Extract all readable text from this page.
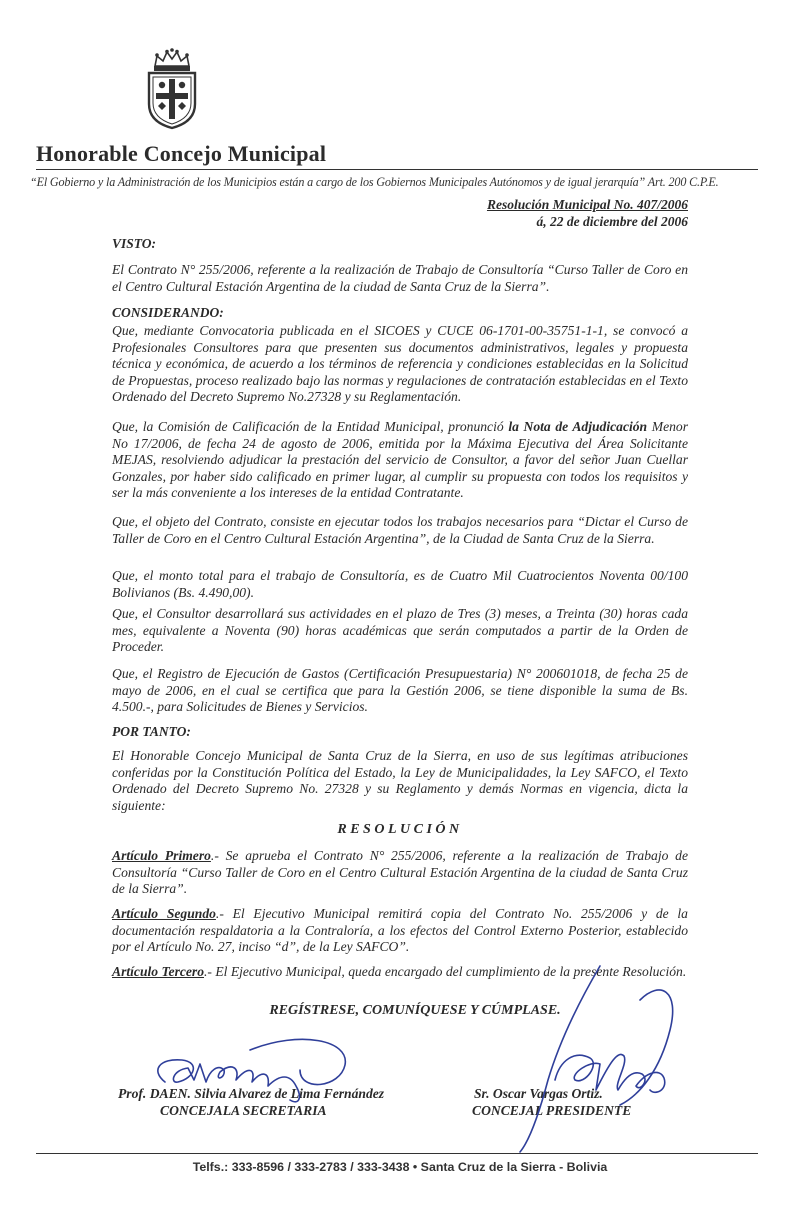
Honorable Concejo Municipal
“El Gobierno y la Administración de los Municipios están a cargo de los Gobiernos Municipales Autónomos y de igual jerarquía” Art. 200 C.P.E.
Resolución Municipal No. 407/2006
á, 22 de diciembre del 2006
VISTO:
El Contrato N° 255/2006, referente a la realización de Trabajo de Consultoría “Curso Taller de Coro en el Centro Cultural Estación Argentina de la ciudad de Santa Cruz de la Sierra”.
CONSIDERANDO:
Que, mediante Convocatoria publicada en el SICOES y CUCE 06-1701-00-35751-1-1, se convocó a Profesionales Consultores para que presenten sus documentos administrativos, legales y propuesta técnica y económica, de acuerdo a los términos de referencia y condiciones establecidas en la Solicitud de Propuestas, proceso realizado bajo las normas y regulaciones de contratación establecidas en el Texto Ordenado del Decreto Supremo No.27328 y su Reglamentación.
Que, la Comisión de Calificación de la Entidad Municipal, pronunció la Nota de Adjudicación Menor No 17/2006, de fecha 24 de agosto de 2006, emitida por la Máxima Ejecutiva del Área Solicitante MEJAS, resolviendo adjudicar la prestación del servicio de Consultor, a favor del señor Juan Cuellar Gonzales, por haber sido calificado en primer lugar, al cumplir su propuesta con todos los requisitos y ser la más conveniente a los intereses de la entidad Contratante.
Que, el objeto del Contrato, consiste en ejecutar todos los trabajos necesarios para “Dictar el Curso de Taller de Coro en el Centro Cultural Estación Argentina”, de la Ciudad de Santa Cruz de la Sierra.
Que, el monto total para el trabajo de Consultoría, es de Cuatro Mil Cuatrocientos Noventa 00/100 Bolivianos (Bs. 4.490,00).
Que, el Consultor desarrollará sus actividades en el plazo de Tres (3) meses, a Treinta (30) horas cada mes, equivalente a Noventa (90) horas académicas que serán computados a partir de la Orden de Proceder.
Que, el Registro de Ejecución de Gastos (Certificación Presupuestaria) N° 200601018, de fecha 25 de mayo de 2006, en el cual se certifica que para la Gestión 2006, se tiene disponible la suma de Bs. 4.500.-, para Solicitudes de Bienes y Servicios.
POR TANTO:
El Honorable Concejo Municipal de Santa Cruz de la Sierra, en uso de sus legítimas atribuciones conferidas por la Constitución Política del Estado, la Ley de Municipalidades, la Ley SAFCO, el Texto Ordenado del Decreto Supremo No. 27328 y su Reglamento y demás Normas en vigencia, dicta la siguiente:
RESOLUCIÓN
Artículo Primero.- Se aprueba el Contrato N° 255/2006, referente a la realización de Trabajo de Consultoría “Curso Taller de Coro en el Centro Cultural Estación Argentina de la ciudad de Santa Cruz de la Sierra”.
Artículo Segundo.- El Ejecutivo Municipal remitirá copia del Contrato No. 255/2006 y de la documentación respaldatoria a la Contraloría, a los efectos del Control Externo Posterior, establecido por el Artículo No. 27, inciso “d”, de la Ley SAFCO”.
Artículo Tercero.- El Ejecutivo Municipal, queda encargado del cumplimiento de la presente Resolución.
REGÍSTRESE, COMUNÍQUESE Y CÚMPLASE.
Prof. DAEN. Silvia Alvarez de Lima Fernández
CONCEJALA SECRETARIA
Sr. Oscar Vargas Ortiz.
CONCEJAL PRESIDENTE
Telfs.: 333-8596 / 333-2783 / 333-3438 • Santa Cruz de la Sierra - Bolivia
